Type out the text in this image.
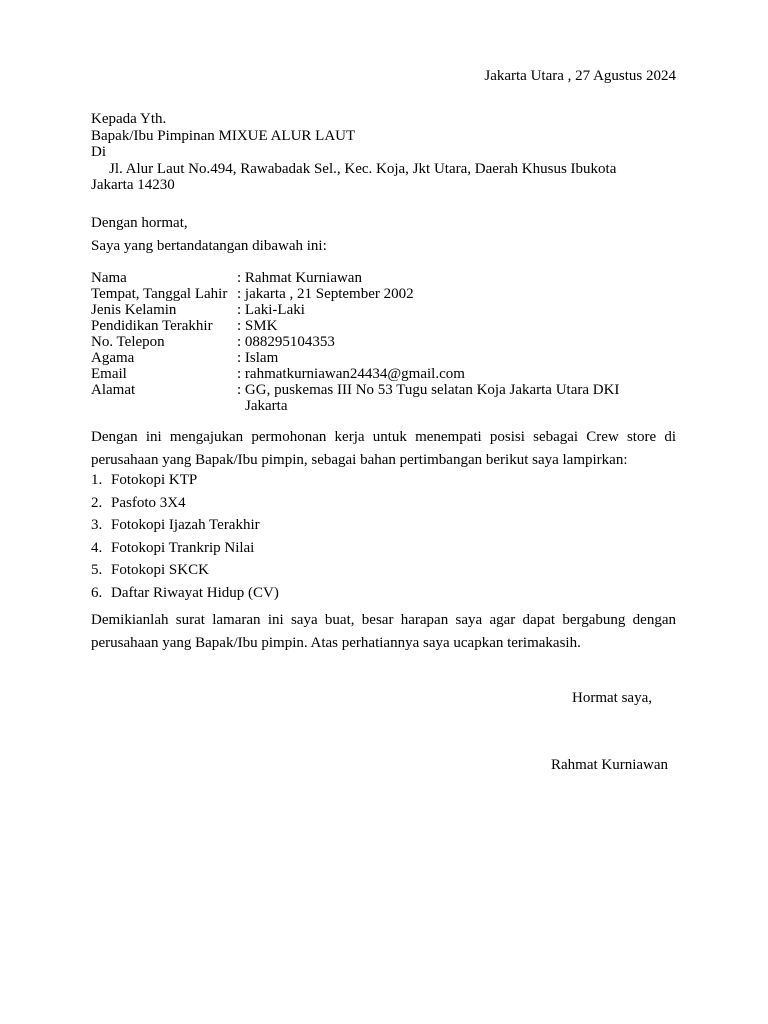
Jakarta Utara , 27 Agustus 2024
Kepada Yth.
Bapak/Ibu Pimpinan MIXUE ALUR LAUT
Di
Jl. Alur Laut No.494, Rawabadak Sel., Kec. Koja, Jkt Utara, Daerah Khusus Ibukota
Jakarta 14230
Dengan hormat,
Saya yang bertandatangan dibawah ini:
Nama	: Rahmat Kurniawan
Tempat, Tanggal Lahir	: jakarta , 21 September 2002
Jenis Kelamin	: Laki-Laki
Pendidikan Terakhir	: SMK
No. Telepon	: 088295104353
Agama	: Islam
Email	: rahmatkurniawan24434@gmail.com
Alamat	: GG, puskemas III No 53 Tugu selatan Koja Jakarta Utara DKI
Jakarta

Dengan ini mengajukan permohonan kerja untuk menempati posisi sebagai Crew store di perusahaan yang Bapak/Ibu pimpin, sebagai bahan pertimbangan berikut saya lampirkan:

1. Fotokopi KTP
2. Pasfoto 3X4
3. Fotokopi Ijazah Terakhir
4. Fotokopi Trankrip Nilai
5. Fotokopi SKCK
6. Daftar Riwayat Hidup (CV)

Demikianlah surat lamaran ini saya buat, besar harapan saya agar dapat bergabung dengan perusahaan yang Bapak/Ibu pimpin. Atas perhatiannya saya ucapkan terimakasih.

Hormat saya,
Rahmat Kurniawan
